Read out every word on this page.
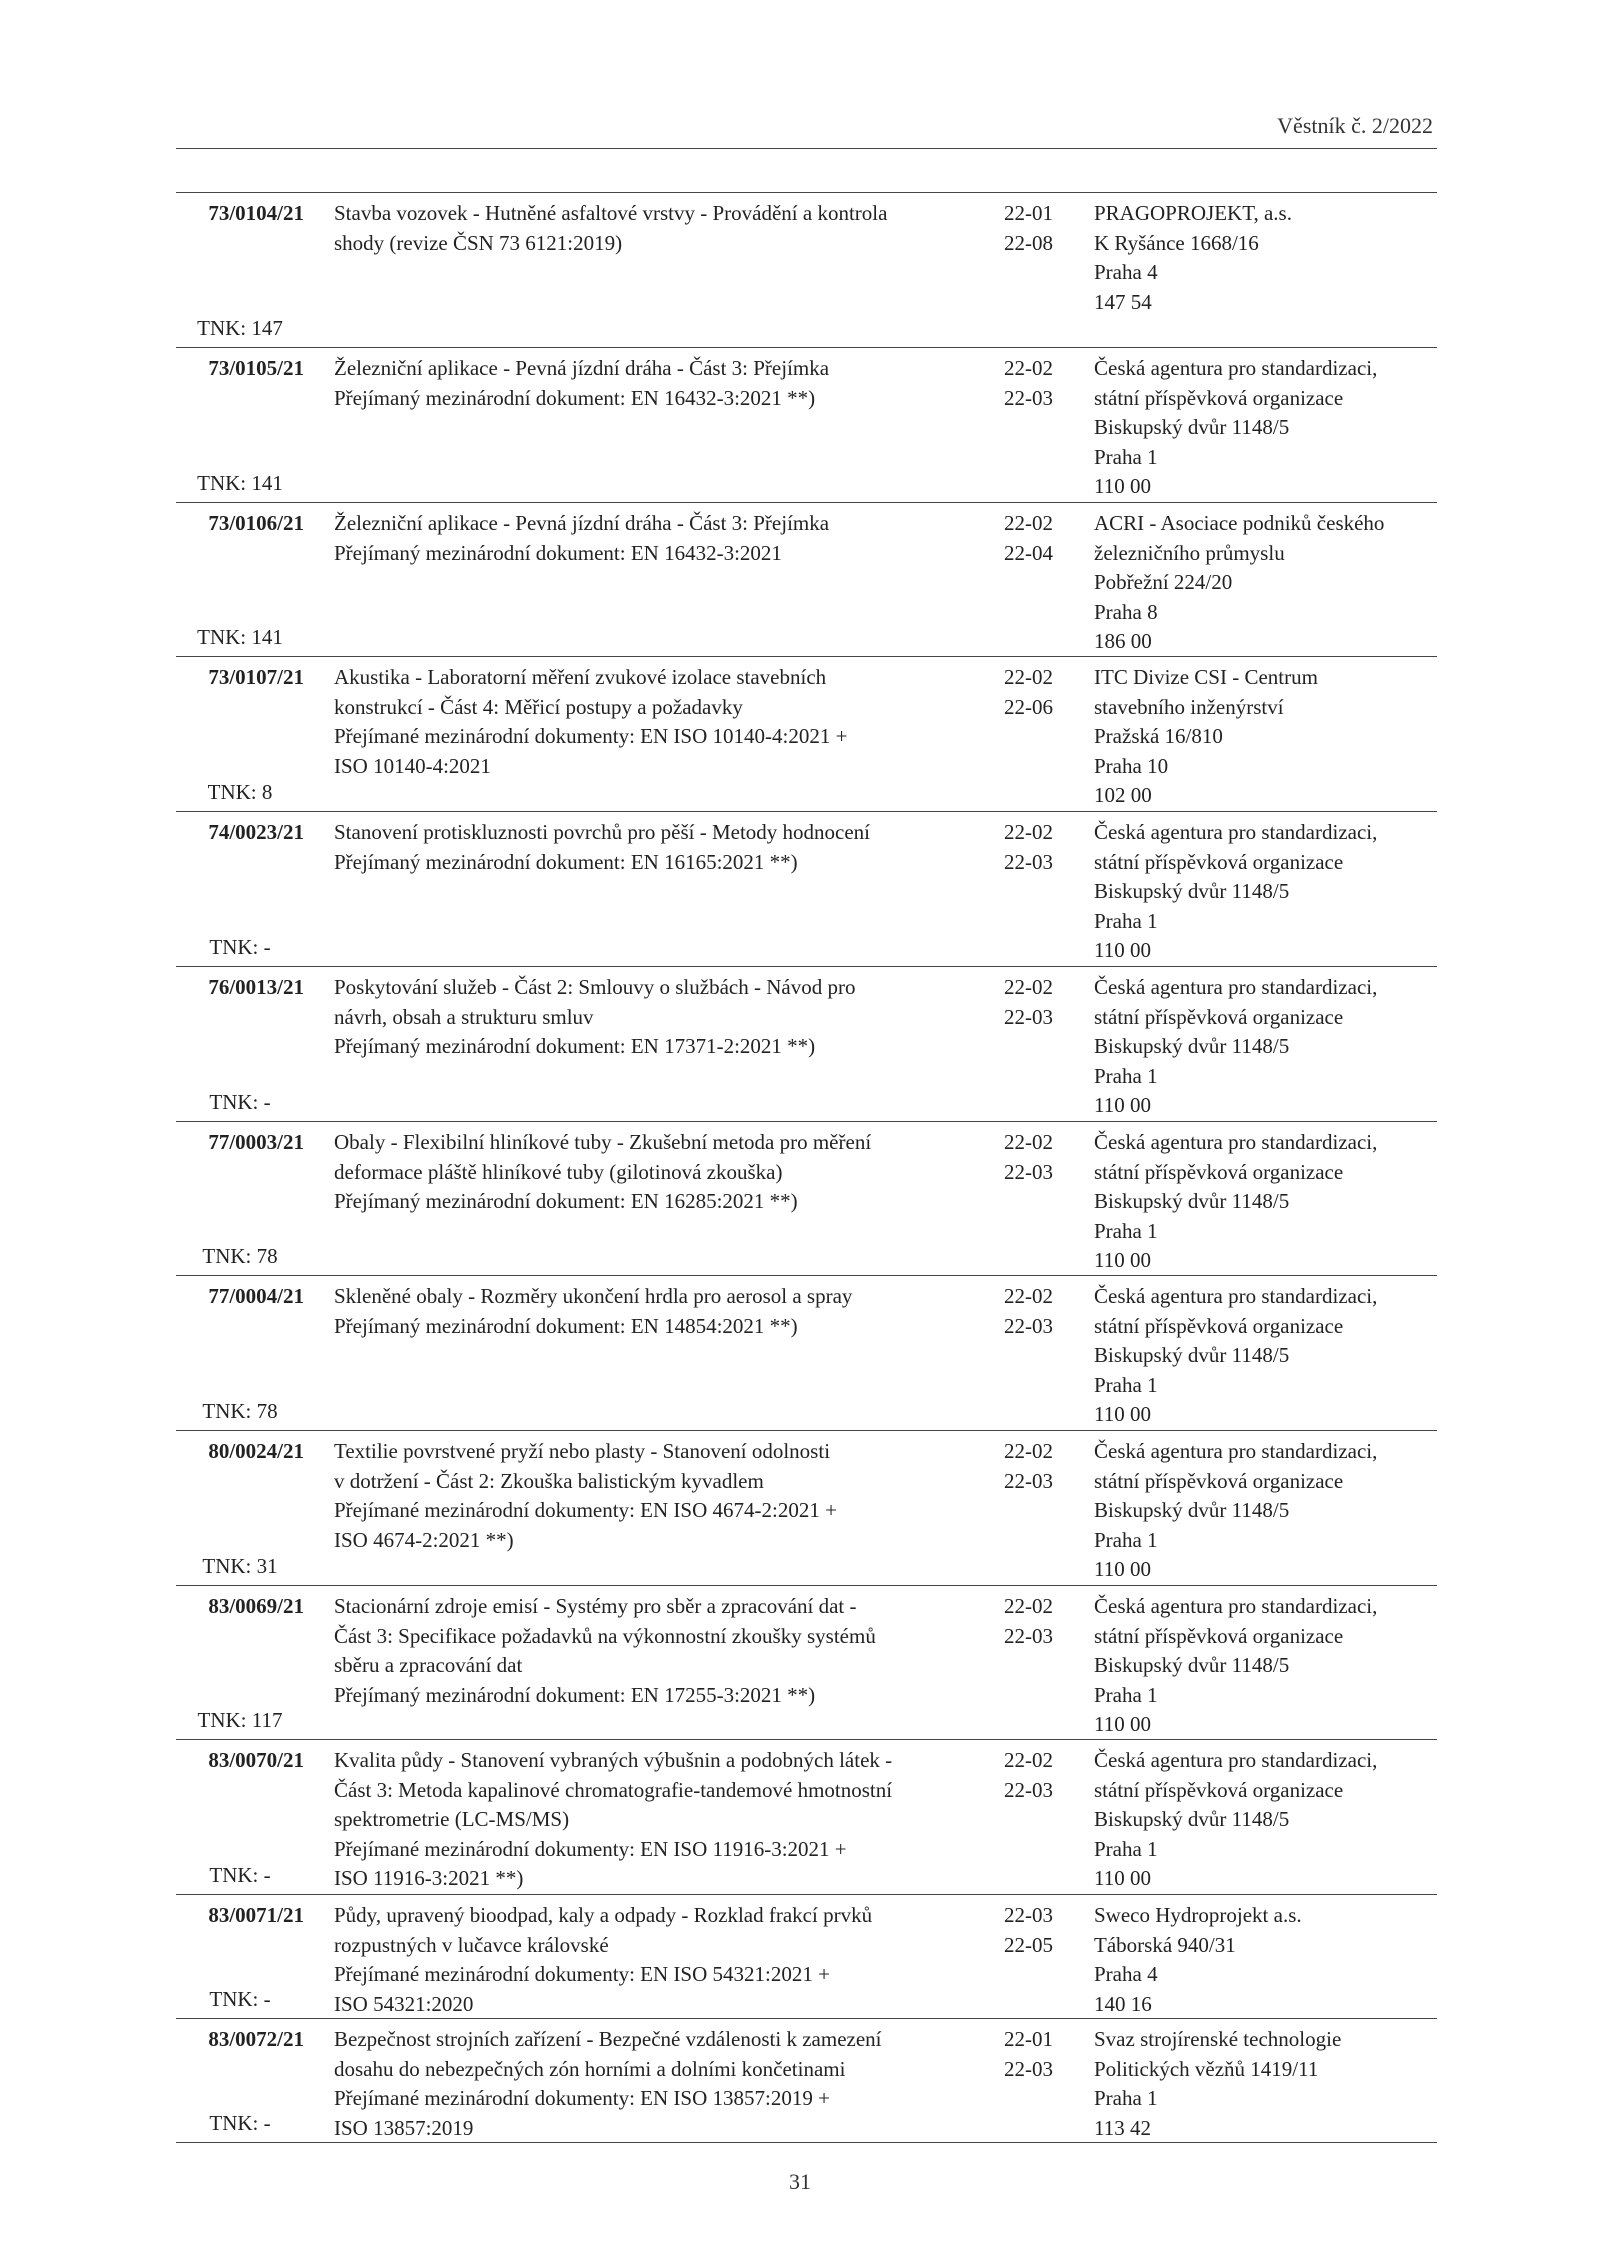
Věstník č. 2/2022
73/0104/21
TNK: 147
Stavba vozovek - Hutněné asfaltové vrstvy - Provádění a kontrola
shody (revize ČSN 73 6121:2019)
22-01
22-08
PRAGOPROJEKT, a.s.
K Ryšánce 1668/16
Praha 4
147 54
73/0105/21
TNK: 141
Železniční aplikace - Pevná jízdní dráha - Část 3: Přejímka
Přejímaný mezinárodní dokument: EN 16432-3:2021 **)
22-02
22-03
Česká agentura pro standardizaci,
státní příspěvková organizace
Biskupský dvůr 1148/5
Praha 1
110 00
73/0106/21
TNK: 141
Železniční aplikace - Pevná jízdní dráha - Část 3: Přejímka
Přejímaný mezinárodní dokument: EN 16432-3:2021
22-02
22-04
ACRI - Asociace podniků českého
železničního průmyslu
Pobřežní 224/20
Praha 8
186 00
73/0107/21
TNK: 8
Akustika - Laboratorní měření zvukové izolace stavebních
konstrukcí - Část 4: Měřicí postupy a požadavky
Přejímané mezinárodní dokumenty: EN ISO 10140-4:2021 +
ISO 10140-4:2021
22-02
22-06
ITC Divize CSI - Centrum
stavebního inženýrství
Pražská 16/810
Praha 10
102 00
74/0023/21
TNK: -
Stanovení protiskluznosti povrchů pro pěší - Metody hodnocení
Přejímaný mezinárodní dokument: EN 16165:2021 **)
22-02
22-03
Česká agentura pro standardizaci,
státní příspěvková organizace
Biskupský dvůr 1148/5
Praha 1
110 00
76/0013/21
TNK: -
Poskytování služeb - Část 2: Smlouvy o službách - Návod pro
návrh, obsah a strukturu smluv
Přejímaný mezinárodní dokument: EN 17371-2:2021 **)
22-02
22-03
Česká agentura pro standardizaci,
státní příspěvková organizace
Biskupský dvůr 1148/5
Praha 1
110 00
77/0003/21
TNK: 78
Obaly - Flexibilní hliníkové tuby - Zkušební metoda pro měření
deformace pláště hliníkové tuby (gilotinová zkouška)
Přejímaný mezinárodní dokument: EN 16285:2021 **)
22-02
22-03
Česká agentura pro standardizaci,
státní příspěvková organizace
Biskupský dvůr 1148/5
Praha 1
110 00
77/0004/21
TNK: 78
Skleněné obaly - Rozměry ukončení hrdla pro aerosol a spray
Přejímaný mezinárodní dokument: EN 14854:2021 **)
22-02
22-03
Česká agentura pro standardizaci,
státní příspěvková organizace
Biskupský dvůr 1148/5
Praha 1
110 00
80/0024/21
TNK: 31
Textilie povrstvené pryží nebo plasty - Stanovení odolnosti
v dotržení - Část 2: Zkouška balistickým kyvadlem
Přejímané mezinárodní dokumenty: EN ISO 4674-2:2021 +
ISO 4674-2:2021 **)
22-02
22-03
Česká agentura pro standardizaci,
státní příspěvková organizace
Biskupský dvůr 1148/5
Praha 1
110 00
83/0069/21
TNK: 117
Stacionární zdroje emisí - Systémy pro sběr a zpracování dat -
Část 3: Specifikace požadavků na výkonnostní zkoušky systémů
sběru a zpracování dat
Přejímaný mezinárodní dokument: EN 17255-3:2021 **)
22-02
22-03
Česká agentura pro standardizaci,
státní příspěvková organizace
Biskupský dvůr 1148/5
Praha 1
110 00
83/0070/21
TNK: -
Kvalita půdy - Stanovení vybraných výbušnin a podobných látek -
Část 3: Metoda kapalinové chromatografie-tandemové hmotnostní
spektrometrie (LC-MS/MS)
Přejímané mezinárodní dokumenty: EN ISO 11916-3:2021 +
ISO 11916-3:2021 **)
22-02
22-03
Česká agentura pro standardizaci,
státní příspěvková organizace
Biskupský dvůr 1148/5
Praha 1
110 00
83/0071/21
TNK: -
Půdy, upravený bioodpad, kaly a odpady - Rozklad frakcí prvků
rozpustných v lučavce královské
Přejímané mezinárodní dokumenty: EN ISO 54321:2021 +
ISO 54321:2020
22-03
22-05
Sweco Hydroprojekt a.s.
Táborská 940/31
Praha 4
140 16
83/0072/21
TNK: -
Bezpečnost strojních zařízení - Bezpečné vzdálenosti k zamezení
dosahu do nebezpečných zón horními a dolními končetinami
Přejímané mezinárodní dokumenty: EN ISO 13857:2019 +
ISO 13857:2019
22-01
22-03
Svaz strojírenské technologie
Politických vězňů 1419/11
Praha 1
113 42
31
